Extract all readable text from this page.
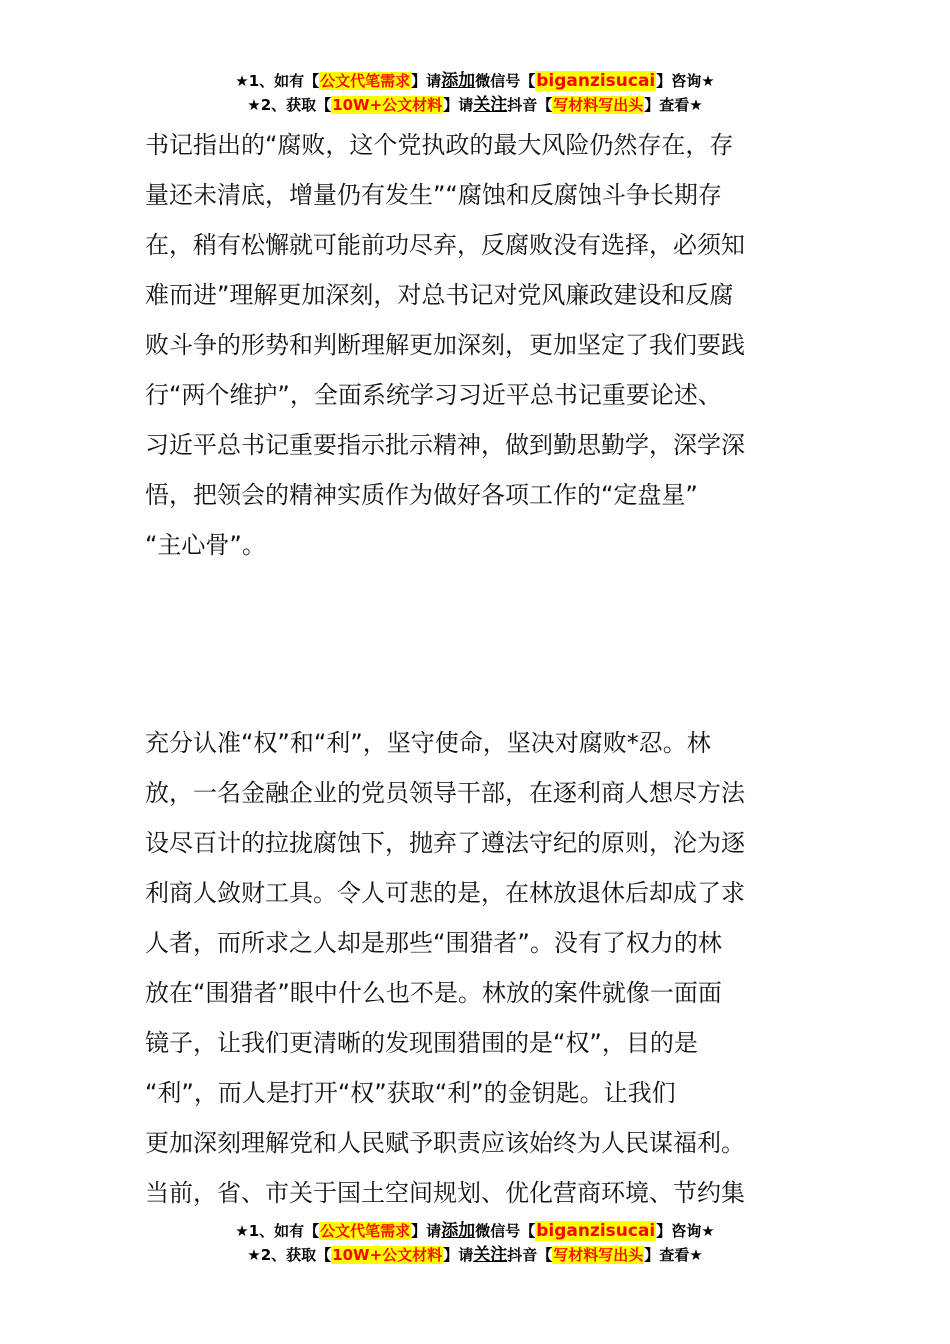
★1、如有【公文代笔需求】请添加微信号【biganzisucai】咨询★
★2、获取【10W+公文材料】请关注抖音【写材料写出头】查看★
书记指出的“腐败，这个党执政的最大风险仍然存在，存
量还未清底，增量仍有发生”“腐蚀和反腐蚀斗争长期存
在，稍有松懈就可能前功尽弃，反腐败没有选择，必须知
难而进”理解更加深刻，对总书记对党风廉政建设和反腐
败斗争的形势和判断理解更加深刻，更加坚定了我们要践
行“两个维护”，全面系统学习习近平总书记重要论述、
习近平总书记重要指示批示精神，做到勤思勤学，深学深
悟，把领会的精神实质作为做好各项工作的“定盘星”
“主心骨”。
充分认准“权”和“利”，坚守使命，坚决对腐败*忍。林
放，一名金融企业的党员领导干部，在逐利商人想尽方法
设尽百计的拉拢腐蚀下，抛弃了遵法守纪的原则，沦为逐
利商人敛财工具。令人可悲的是，在林放退休后却成了求
人者，而所求之人却是那些“围猎者”。没有了权力的林
放在“围猎者”眼中什么也不是。林放的案件就像一面面
镜子，让我们更清晰的发现围猎围的是“权”，目的是
“利”，而人是打开“权”获取“利”的金钥匙。让我们
更加深刻理解党和人民赋予职责应该始终为人民谋福利。
当前，省、市关于国土空间规划、优化营商环境、节约集
★1、如有【公文代笔需求】请添加微信号【biganzisucai】咨询★
★2、获取【10W+公文材料】请关注抖音【写材料写出头】查看★
